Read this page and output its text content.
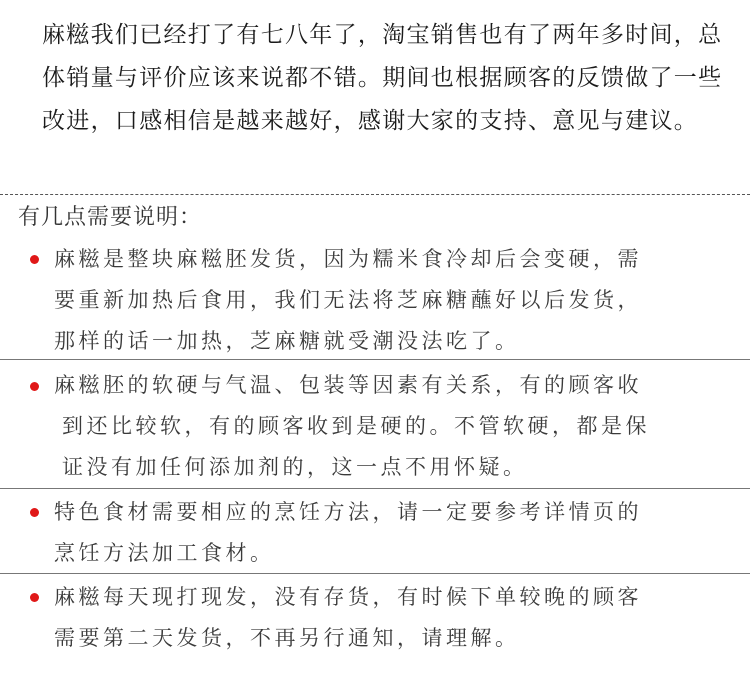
麻糍我们已经打了有七八年了，淘宝销售也有了两年多时间，总体销量与评价应该来说都不错。期间也根据顾客的反馈做了一些改进，口感相信是越来越好，感谢大家的支持、意见与建议。

有几点需要说明：

麻糍是整块麻糍胚发货，因为糯米食冷却后会变硬，需
要重新加热后食用，我们无法将芝麻糖蘸好以后发货，
那样的话一加热，芝麻糖就受潮没法吃了。

麻糍胚的软硬与气温、包装等因素有关系，有的顾客收
到还比较软，有的顾客收到是硬的。不管软硬，都是保
证没有加任何添加剂的，这一点不用怀疑。

特色食材需要相应的烹饪方法，请一定要参考详情页的
烹饪方法加工食材。

麻糍每天现打现发，没有存货，有时候下单较晚的顾客
需要第二天发货，不再另行通知，请理解。
